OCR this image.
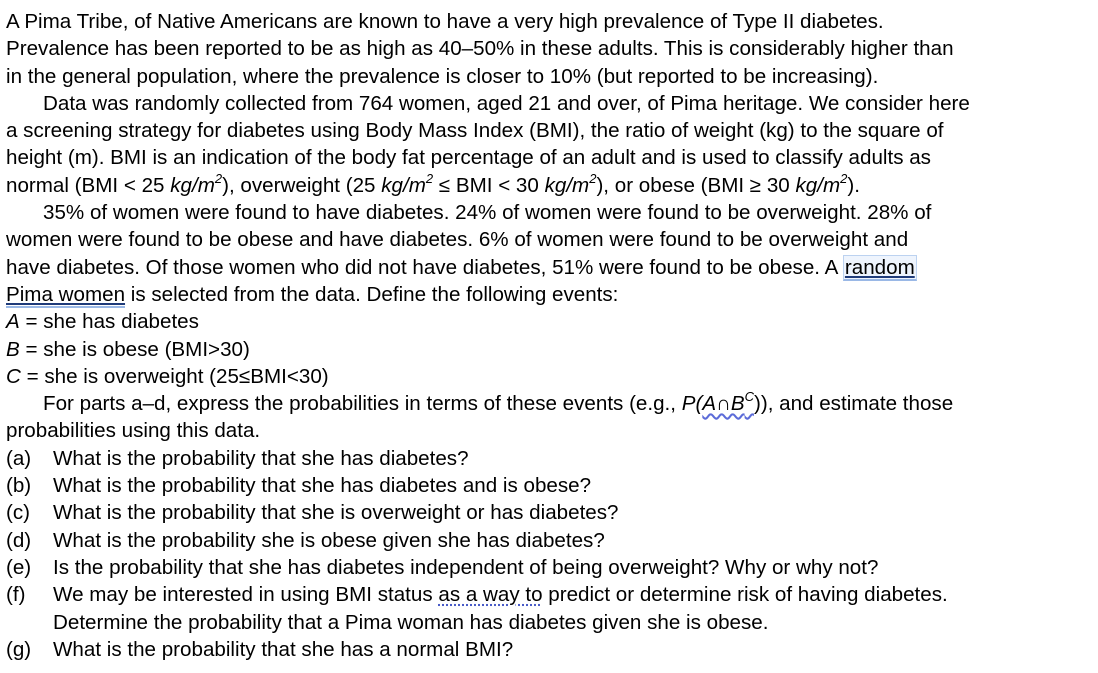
A Pima Tribe, of Native Americans are known to have a very high prevalence of Type II diabetes.
Prevalence has been reported to be as high as 40–50% in these adults. This is considerably higher than
in the general population, where the prevalence is closer to 10% (but reported to be increasing).

Data was randomly collected from 764 women, aged 21 and over, of Pima heritage. We consider here
a screening strategy for diabetes using Body Mass Index (BMI), the ratio of weight (kg) to the square of
height (m). BMI is an indication of the body fat percentage of an adult and is used to classify adults as
normal (BMI < 25 $kg/m^2$), overweight (25 $kg/m^2$ ≤ BMI < 30 $kg/m^2$), or obese (BMI ≥ 30 $kg/m^2$).

35% of women were found to have diabetes. 24% of women were found to be overweight. 28% of
women were found to be obese and have diabetes. 6% of women were found to be overweight and
have diabetes. Of those women who did not have diabetes, 51% were found to be obese. A random
Pima women is selected from the data. Define the following events:

A = she has diabetes
B = she is obese (BMI>30)
C = she is overweight (25≤BMI<30)

For parts a–d, express the probabilities in terms of these events (e.g., $P(A\cap B^C)$), and estimate those
probabilities using this data.

(a)	What is the probability that she has diabetes?
(b)	What is the probability that she has diabetes and is obese?
(c)	What is the probability that she is overweight or has diabetes?
(d)	What is the probability she is obese given she has diabetes?
(e)	Is the probability that she has diabetes independent of being overweight? Why or why not?
(f)	We may be interested in using BMI status as a way to predict or determine risk of having diabetes.
Determine the probability that a Pima woman has diabetes given she is obese.
(g)	What is the probability that she has a normal BMI?
